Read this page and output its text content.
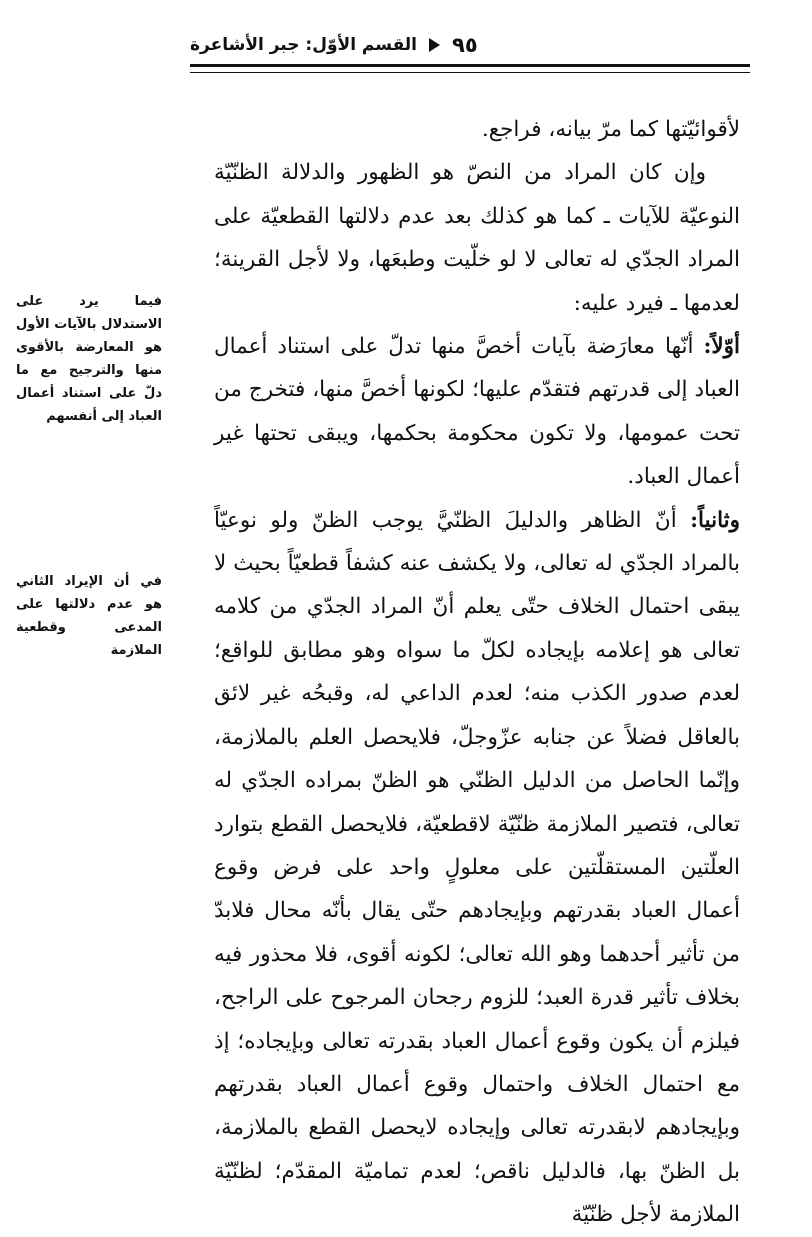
٩٥
القسم الأوّل: جبر الأشاعرة
فيما يرد على الاستدلال بالآيات الأول هو المعارضة بالأقوى منها والترجيح مع ما دلّ على استناد أعمال العباد إلى أنفسهم
في أن الإيراد الثاني هو عدم دلالتها على المدعى وقطعية الملازمة

لأقوائيّتها كما مرّ بيانه، فراجع.

وإن كان المراد من النصّ هو الظهور والدلالة الظنّيّة النوعيّة للآيات ـ كما هو كذلك بعد عدم دلالتها القطعيّة على المراد الجدّي له تعالى لا لو خلّيت وطبعَها، ولا لأجل القرينة؛ لعدمها ـ فيرد عليه:

أوّلاً: أنّها معارَضة بآيات أخصَّ منها تدلّ على استناد أعمال العباد إلى قدرتهم فتقدّم عليها؛ لكونها أخصَّ منها، فتخرج من تحت عمومها، ولا تكون محكومة بحكمها، ويبقى تحتها غير أعمال العباد.

وثانياً: أنّ الظاهر والدليلَ الظنّيَّ يوجب الظنّ ولو نوعيّاً بالمراد الجدّي له تعالى، ولا يكشف عنه كشفاً قطعيّاً بحيث لا يبقى احتمال الخلاف حتّى يعلم أنّ المراد الجدّي من كلامه تعالى هو إعلامه بإيجاده لكلّ ما سواه وهو مطابق للواقع؛ لعدم صدور الكذب منه؛ لعدم الداعي له، وقبحُه غير لائق بالعاقل فضلاً عن جنابه عزّوجلّ، فلايحصل العلم بالملازمة، وإنّما الحاصل من الدليل الظنّي هو الظنّ بمراده الجدّي له تعالى، فتصير الملازمة ظنّيّة لاقطعيّة، فلايحصل القطع بتوارد العلّتين المستقلّتين على معلولٍ واحد على فرض وقوع أعمال العباد بقدرتهم وبإيجادهم حتّى يقال بأنّه محال فلابدّ من تأثير أحدهما وهو الله تعالى؛ لكونه أقوى، فلا محذور فيه بخلاف تأثير قدرة العبد؛ للزوم رجحان المرجوح على الراجح، فيلزم أن يكون وقوع أعمال العباد بقدرته تعالى وبإيجاده؛ إذ مع احتمال الخلاف واحتمال وقوع أعمال العباد بقدرتهم وبإيجادهم لابقدرته تعالى وإيجاده لايحصل القطع بالملازمة، بل الظنّ بها، فالدليل ناقص؛ لعدم تماميّة المقدّم؛ لظنّيّة الملازمة لأجل ظنّيّة
